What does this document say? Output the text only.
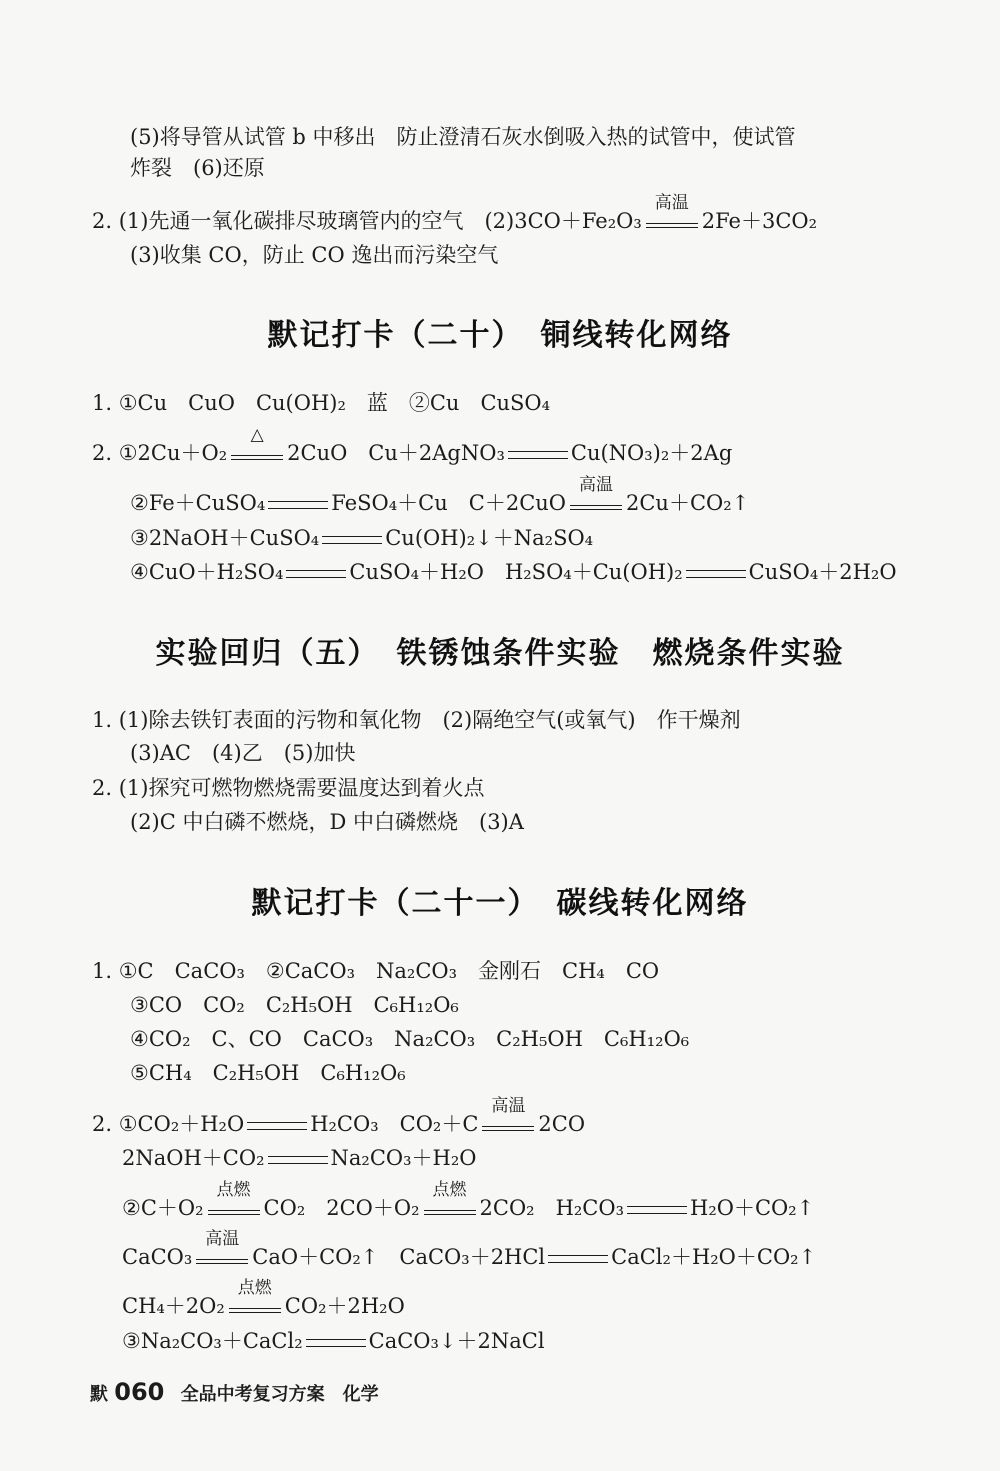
(5)将导管从试管 b 中移出　防止澄清石灰水倒吸入热的试管中，使试管
炸裂　(6)还原
2. (1)先通一氧化碳排尽玻璃管内的空气　(2)3CO＋Fe₂O₃
高温
2Fe＋3CO₂
(3)收集 CO，防止 CO 逸出而污染空气
默记打卡（二十）　铜线转化网络
1. ①Cu　CuO　Cu(OH)₂　蓝　②Cu　CuSO₄
2. ①2Cu＋O₂
△
2CuO　Cu＋2AgNO₃	Cu(NO₃)₂＋2Ag
②Fe＋CuSO₄	FeSO₄＋Cu　C＋2CuO
高温
2Cu＋CO₂↑
③2NaOH＋CuSO₄	Cu(OH)₂↓＋Na₂SO₄
④CuO＋H₂SO₄	CuSO₄＋H₂O　H₂SO₄＋Cu(OH)₂	CuSO₄＋2H₂O
实验回归（五）　铁锈蚀条件实验　燃烧条件实验
1. (1)除去铁钉表面的污物和氧化物　(2)隔绝空气(或氧气)　作干燥剂
(3)AC　(4)乙　(5)加快
2. (1)探究可燃物燃烧需要温度达到着火点
(2)C 中白磷不燃烧，D 中白磷燃烧　(3)A
默记打卡（二十一）　碳线转化网络
1. ①C　CaCO₃　②CaCO₃　Na₂CO₃　金刚石　CH₄　CO
③CO　CO₂　C₂H₅OH　C₆H₁₂O₆
④CO₂　C、CO　CaCO₃　Na₂CO₃　C₂H₅OH　C₆H₁₂O₆
⑤CH₄　C₂H₅OH　C₆H₁₂O₆
2. ①CO₂＋H₂O	H₂CO₃　CO₂＋C
高温
2CO
2NaOH＋CO₂	Na₂CO₃＋H₂O
②C＋O₂
点燃
CO₂　2CO＋O₂
点燃
2CO₂　H₂CO₃	H₂O＋CO₂↑
CaCO₃
高温
CaO＋CO₂↑　CaCO₃＋2HCl	CaCl₂＋H₂O＋CO₂↑
CH₄＋2O₂
点燃
CO₂＋2H₂O
③Na₂CO₃＋CaCl₂	CaCO₃↓＋2NaCl
默 060 全品中考复习方案　化学
